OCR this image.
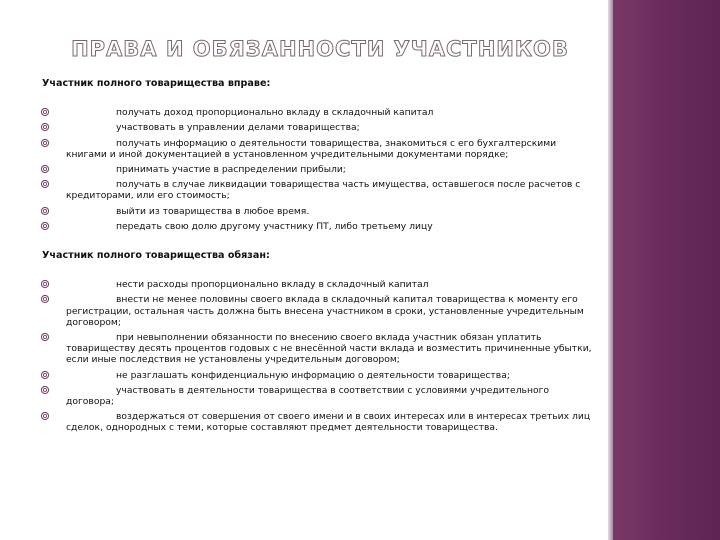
ПРАВА И ОБЯЗАННОСТИ УЧАСТНИКОВ
Участник полного товарищества вправе:
получать доход пропорционально вкладу в складочный капитал
участвовать в управлении делами товарищества;
получать информацию о деятельности товарищества, знакомиться с его бухгалтерскими книгами и иной документацией в установленном учредительными документами порядке;
принимать участие в распределении прибыли;
получать в случае ликвидации товарищества часть имущества, оставшегося после расчетов с кредиторами, или его стоимость;
выйти из товарищества в любое время.
передать свою долю другому участнику ПТ, либо третьему лицу
Участник полного товарищества обязан:
нести расходы пропорционально вкладу в складочный капитал
внести не менее половины своего вклада в складочный капитал товарищества к моменту его регистрации, остальная часть должна быть внесена участником в сроки, установленные учредительным договором;
при невыполнении обязанности по внесению своего вклада участник обязан уплатить товариществу десять процентов годовых с не внесённой части вклада и возместить причиненные убытки, если иные последствия не установлены учредительным договором;
не разглашать конфиденциальную информацию о деятельности товарищества;
участвовать в деятельности товарищества в соответствии с условиями учредительного договора;
воздержаться от совершения от своего имени и в своих интересах или в интересах третьих лиц сделок, однородных с теми, которые составляют предмет деятельности товарищества.
